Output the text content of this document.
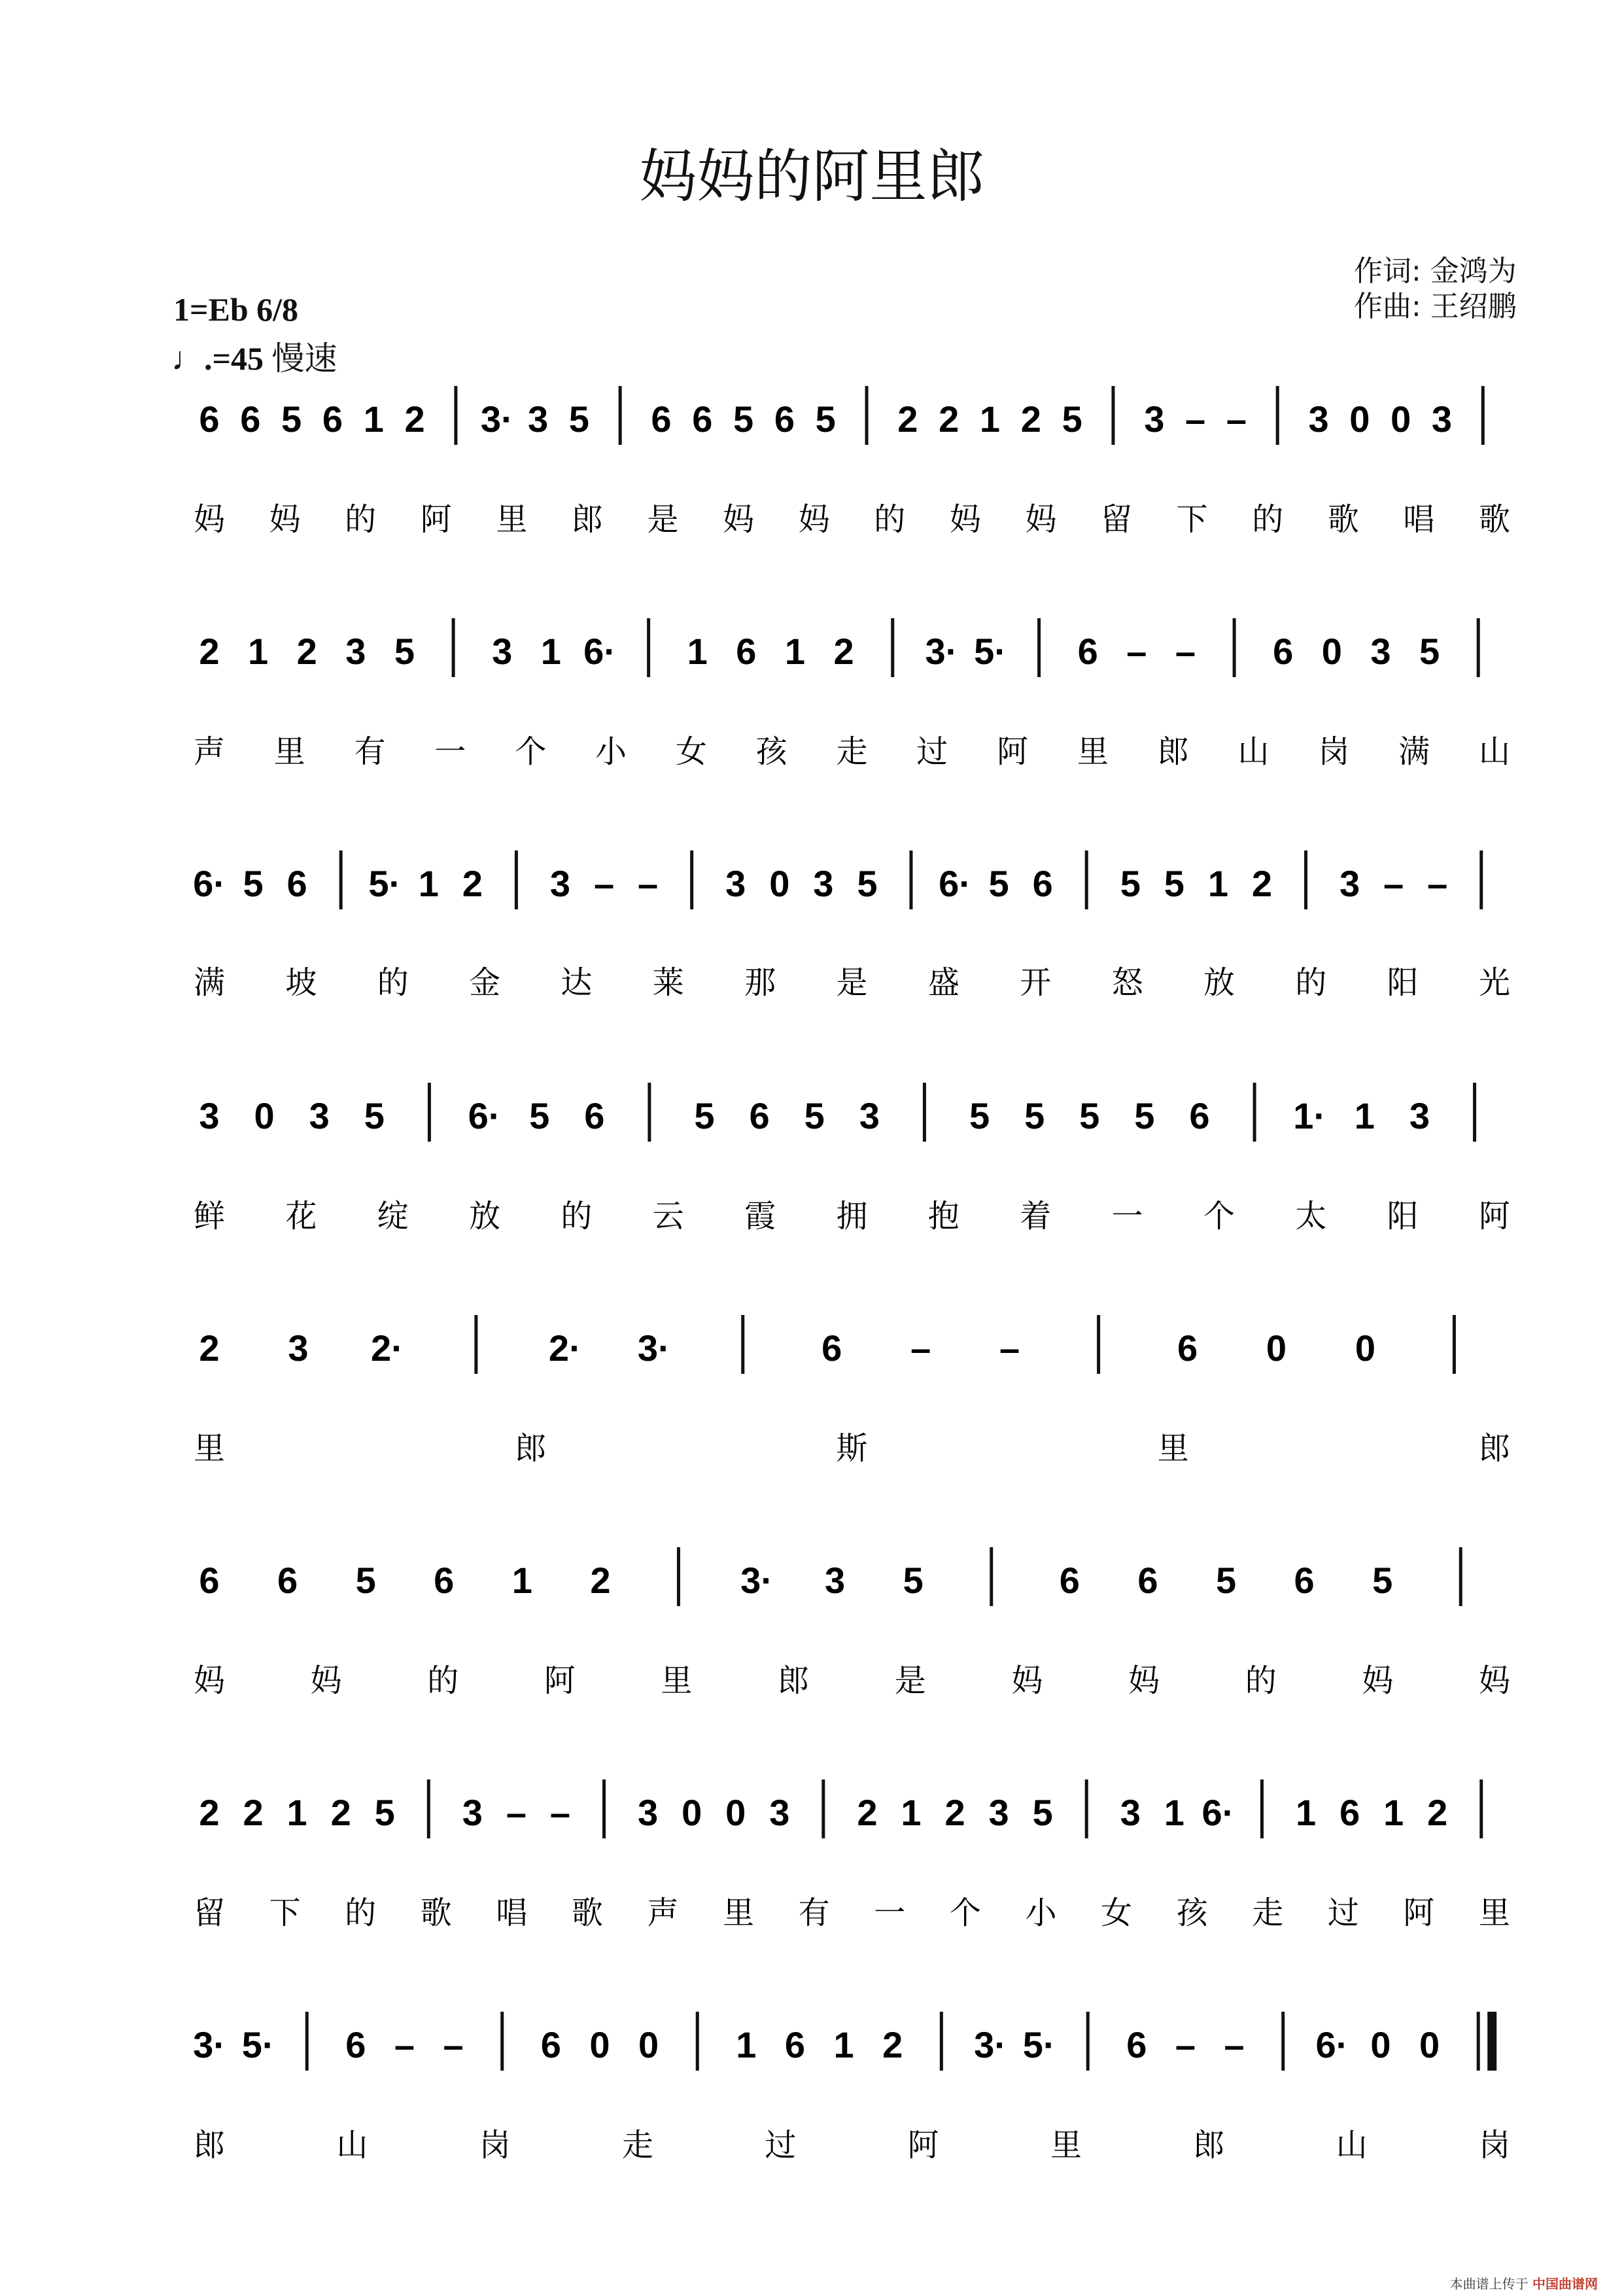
妈妈的阿里郎
作词: 金鸿为
作曲: 王绍鹏
1=Eb 6/8
♩.=45 慢速
6 6 5 6 1 2 3· 3 5 6 6 5 6 5 2 2 1 2 5 3 – – 3 0 0 3
妈 妈 的 阿 里 郎 是 妈 妈 的 妈 妈 留 下 的 歌 唱 歌
2 1 2 3 5 3 1 6· 1 6 1 2 3· 5· 6 – – 6 0 3 5
声 里 有 一 个 小 女 孩 走 过 阿 里 郎 山 岗 满 山
6· 5 6 5· 1 2 3 – – 3 0 3 5 6· 5 6 5 5 1 2 3 – –
满 坡 的 金 达 莱 那 是 盛 开 怒 放 的 阳 光
3 0 3 5 6· 5 6 5 6 5 3 5 5 5 5 6 1· 1 3
鲜 花 绽 放 的 云 霞 拥 抱 着 一 个 太 阳 阿
2 3 2·	2· 3·	6 – –	6 0 0
里	郎	斯	里	郎
6 6 5 6 1 2	3· 3 5	6 6 5 6 5
妈	妈	的	阿	里	郎	是	妈	妈	的	妈	妈
2 2 1 2 5 3 – – 3 0 0 3 2 1 2 3 5 3 1 6· 1 6 1 2
留 下 的 歌 唱 歌 声 里 有 一 个 小 女 孩 走 过 阿 里
3· 5· 6 – – 6 0 0 1 6 1 2 3· 5· 6 – – 6· 0 0
郎	山	岗	走	过	阿	里	郎	山	岗
本曲谱上传于 中国曲谱网
